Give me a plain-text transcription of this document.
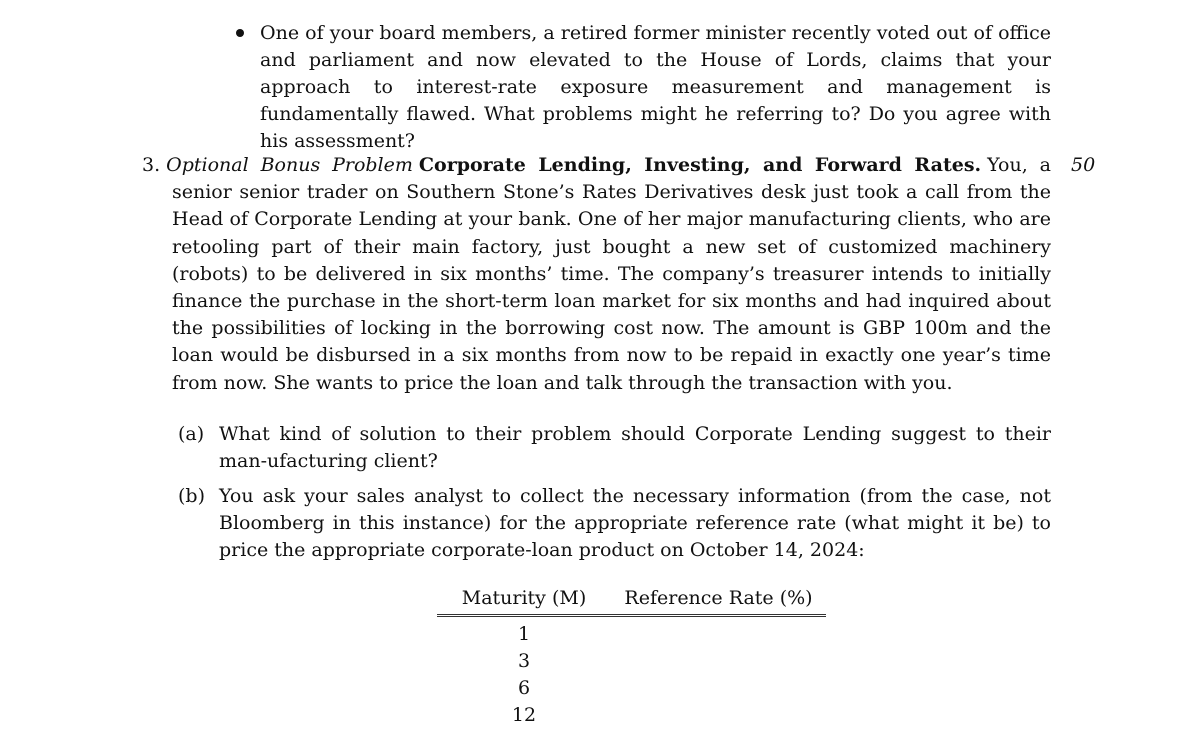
One of your board members, a retired former minister recently voted out of office and parliament and now elevated to the House of Lords, claims that your approach to interest-rate exposure measurement and management is fundamentally flawed. What problems might he referring to? Do you agree with his assessment?
3. Optional Bonus Problem Corporate Lending, Investing, and Forward Rates. You, a senior senior trader on Southern Stone’s Rates Derivatives desk just took a call from the Head of Corporate Lending at your bank. One of her major manufacturing clients, who are retooling part of their main factory, just bought a new set of customized machinery (robots) to be delivered in six months’ time. The company’s treasurer intends to initially finance the purchase in the short-term loan market for six months and had inquired about the possibilities of locking in the borrowing cost now. The amount is GBP 100m and the loan would be disbursed in a six months from now to be repaid in exactly one year’s time from now. She wants to price the loan and talk through the transaction with you.
50
(a) What kind of solution to their problem should Corporate Lending suggest to their man-ufacturing client?
(b) You ask your sales analyst to collect the necessary information (from the case, not Bloomberg in this instance) for the appropriate reference rate (what might it be) to price the appropriate corporate-loan product on October 14, 2024:
Maturity (M)	Reference Rate (%)
1	
3	
6	
12	
